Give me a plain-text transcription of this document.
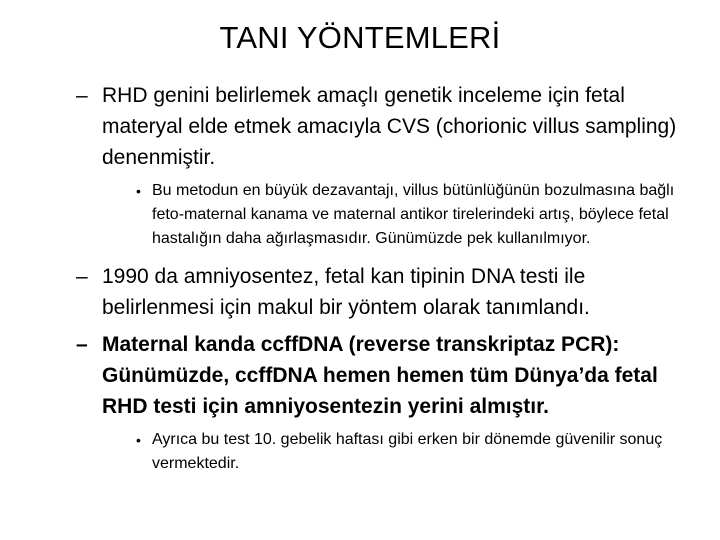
TANI YÖNTEMLERİ
– RHD genini belirlemek amaçlı genetik inceleme için fetal materyal elde etmek amacıyla CVS (chorionic villus sampling) denenmiştir.
• Bu metodun en büyük dezavantajı, villus bütünlüğünün bozulmasına bağlı feto-maternal kanama ve maternal antikor tirelerindeki artış, böylece fetal hastalığın daha ağırlaşmasıdır. Günümüzde pek kullanılmıyor.
– 1990 da amniyosentez, fetal kan tipinin DNA testi ile belirlenmesi için makul bir yöntem olarak tanımlandı.
– Maternal kanda ccffDNA (reverse transkriptaz PCR): Günümüzde, ccffDNA hemen hemen tüm Dünya’da fetal RHD testi için amniyosentezin yerini almıştır.
• Ayrıca bu test 10. gebelik haftası gibi erken bir dönemde güvenilir sonuç vermektedir.
